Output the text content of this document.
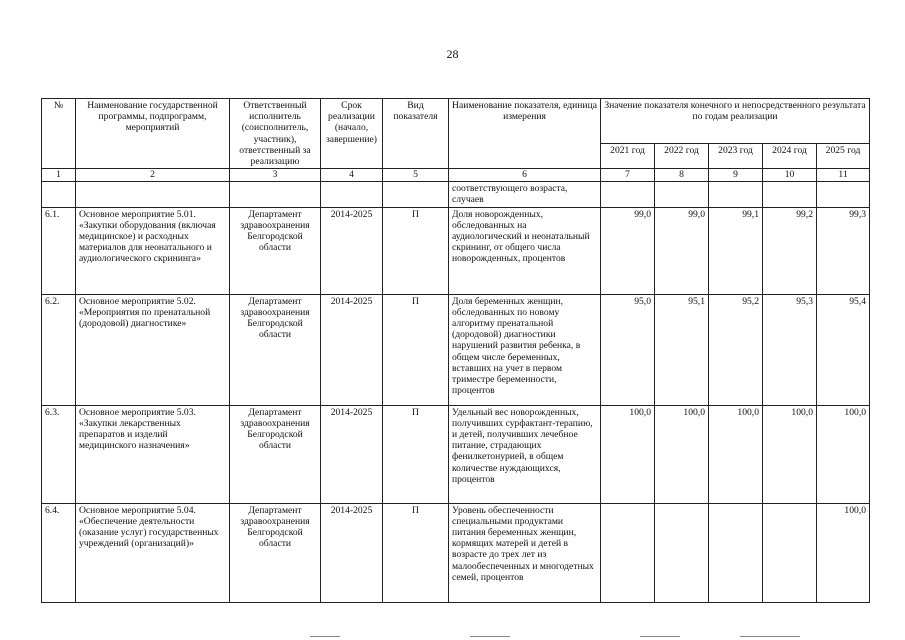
28
№	Наименование государственной программы, подпрограмм, мероприятий	Ответственный исполнитель (соисполнитель, участник), ответственный за реализацию	Срок реализации (начало, завершение)	Вид показателя	Наименование показателя, единица измерения	Значение показателя конечного и непосредственного результата по годам реализации				
						2021 год	2022 год	2023 год	2024 год	2025 год
1	2	3	4	5	6	7	8	9	10	11
					соответствующего возраста, случаев					
6.1.	Основное мероприятие 5.01. «Закупки оборудования (включая медицинское) и расходных материалов для неонатального и аудиологического скрининга»	Департамент здравоохранения Белгородской области	2014-2025	П	Доля новорожденных, обследованных на аудиологический и неонатальный скрининг, от общего числа новорожденных, процентов	99,0	99,0	99,1	99,2	99,3
6.2.	Основное мероприятие 5.02. «Мероприятия по пренатальной (дородовой) диагностике»	Департамент здравоохранения Белгородской области	2014-2025	П	Доля беременных женщин, обследованных по новому алгоритму пренатальной (дородовой) диагностики нарушений развития ребенка, в общем числе беременных, вставших на учет в первом триместре беременности, процентов	95,0	95,1	95,2	95,3	95,4
6.3.	Основное мероприятие 5.03. «Закупки лекарственных препаратов и изделий медицинского назначения»	Департамент здравоохранения Белгородской области	2014-2025	П	Удельный вес новорожденных, получивших сурфактант-терапию, и детей, получивших лечебное питание, страдающих фенилкетонурией, в общем количестве нуждающихся, процентов	100,0	100,0	100,0	100,0	100,0
6.4.	Основное мероприятие 5.04. «Обеспечение деятельности (оказание услуг) государственных учреждений (организаций)»	Департамент здравоохранения Белгородской области	2014-2025	П	Уровень обеспеченности специальными продуктами питания беременных женщин, кормящих матерей и детей в возрасте до трех лет из малообеспеченных и многодетных семей, процентов					100,0
